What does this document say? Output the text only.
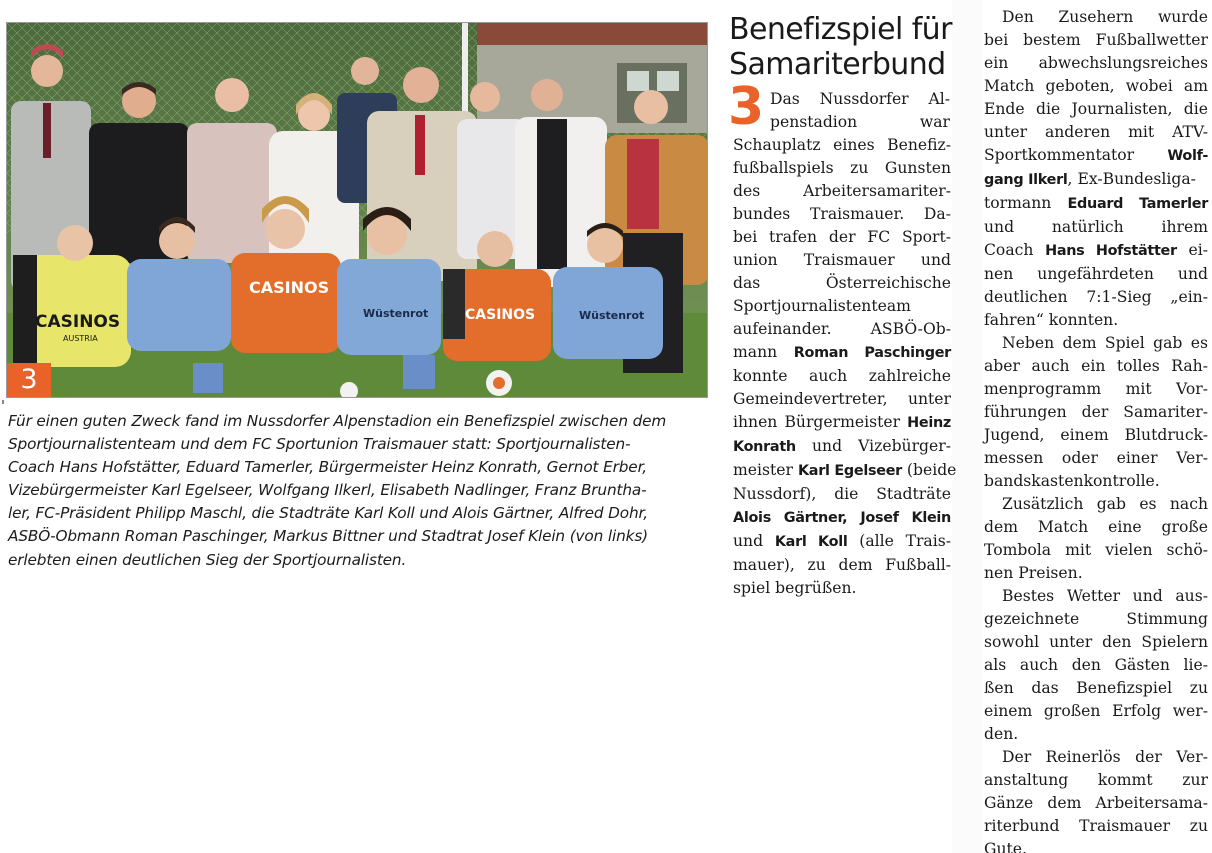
CASINOS
AUSTRIA
CASINOS
Wüstenrot	CASINOS	Wüstenrot
3
Für einen guten Zweck fand im Nussdorfer Alpenstadion ein Benefizspiel zwischen dem
Sportjournalistenteam und dem FC Sportunion Traismauer statt: Sportjournalisten-
Coach Hans Hofstätter, Eduard Tamerler, Bürgermeister Heinz Konrath, Gernot Erber,
Vizebürgermeister Karl Egelseer, Wolfgang Ilkerl, Elisabeth Nadlinger, Franz Bruntha-
ler, FC-Präsident Philipp Maschl, die Stadträte Karl Koll und Alois Gärtner, Alfred Dohr,
ASBÖ-Obmann Roman Paschinger, Markus Bittner und Stadtrat Josef Klein (von links)
erlebten einen deutlichen Sieg der Sportjournalisten.
Benefizspiel für
Samariterbund
3 Das Nussdorfer Al-
penstadion war
Schauplatz eines Benefiz-
fußballspiels zu Gunsten
des Arbeitersamariter-
bundes Traismauer. Da-
bei trafen der FC Sport-
union Traismauer und
das Österreichische
Sportjournalistenteam
aufeinander. ASBÖ-Ob-
mann Roman Paschinger
konnte auch zahlreiche
Gemeindevertreter, unter
ihnen Bürgermeister Heinz
Konrath und Vizebürger-
meister Karl Egelseer (beide
Nussdorf), die Stadträte
Alois Gärtner, Josef Klein
und Karl Koll (alle Trais-
mauer), zu dem Fußball-
spiel begrüßen.
Den Zusehern wurde
bei bestem Fußballwetter
ein abwechslungsreiches
Match geboten, wobei am
Ende die Journalisten, die
unter anderen mit ATV-
Sportkommentator Wolf-
gang Ilkerl, Ex-Bundesliga-
tormann Eduard Tamerler
und natürlich ihrem
Coach Hans Hofstätter ei-
nen ungefährdeten und
deutlichen 7:1-Sieg „ein-
fahren“ konnten.
Neben dem Spiel gab es
aber auch ein tolles Rah-
menprogramm mit Vor-
führungen der Samariter-
Jugend, einem Blutdruck-
messen oder einer Ver-
bandskastenkontrolle.
Zusätzlich gab es nach
dem Match eine große
Tombola mit vielen schö-
nen Preisen.
Bestes Wetter und aus-
gezeichnete Stimmung
sowohl unter den Spielern
als auch den Gästen lie-
ßen das Benefizspiel zu
einem großen Erfolg wer-
den.
Der Reinerlös der Ver-
anstaltung kommt zur
Gänze dem Arbeitersama-
riterbund Traismauer zu
Gute.
